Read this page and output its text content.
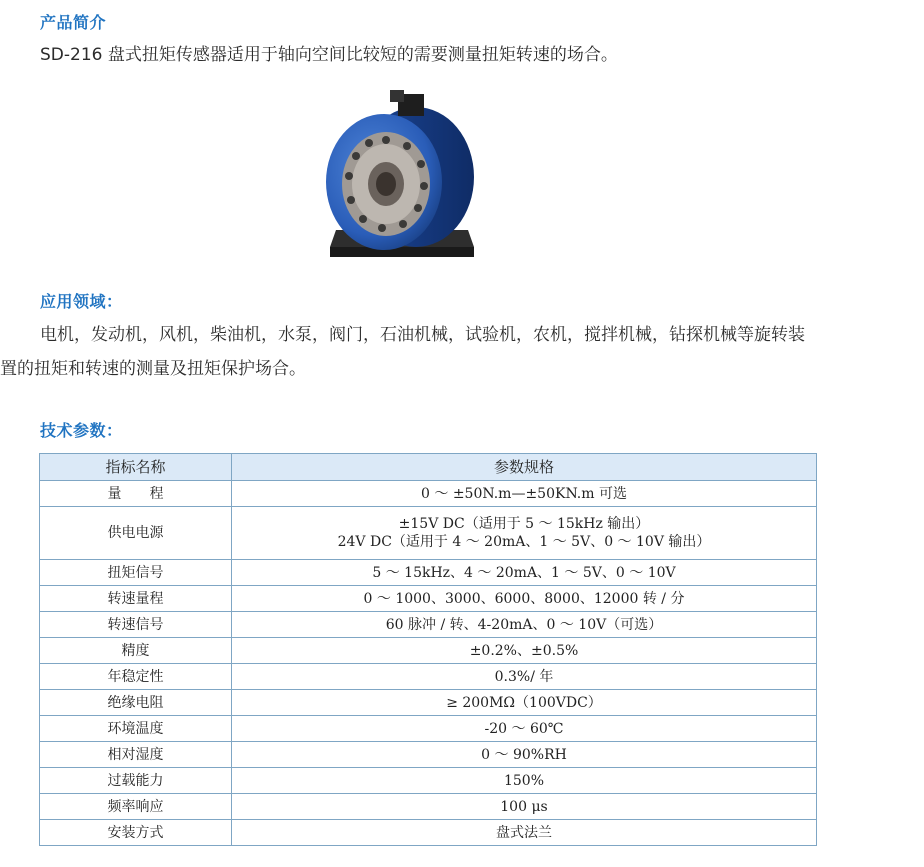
产品简介
SD-216 盘式扭矩传感器适用于轴向空间比较短的需要测量扭矩转速的场合。
应用领域：
电机，发动机，风机，柴油机，水泵，阀门，石油机械，试验机，农机，搅拌机械，钻探机械等旋转装
置的扭矩和转速的测量及扭矩保护场合。
技术参数：
指标名称	参数规格
量程	0 ～ ±50N.m—±50KN.m 可选
供电电源	±15V DC（适用于 5 ～ 15kHz 输出）
24V DC（适用于 4 ～ 20mA、1 ～ 5V、0 ～ 10V 输出）

扭矩信号	5 ～ 15kHz、4 ～ 20mA、1 ～ 5V、0 ～ 10V
转速量程	0 ～ 1000、3000、6000、8000、12000 转 / 分
转速信号	60 脉冲 / 转、4-20mA、0 ～ 10V（可选）
精度	±0.2%、±0.5%
年稳定性	0.3%/ 年
绝缘电阻	≥ 200MΩ（100VDC）
环境温度	-20 ～ 60℃
相对湿度	0 ～ 90%RH
过载能力	150%
频率响应	100 μs
安装方式	盘式法兰
